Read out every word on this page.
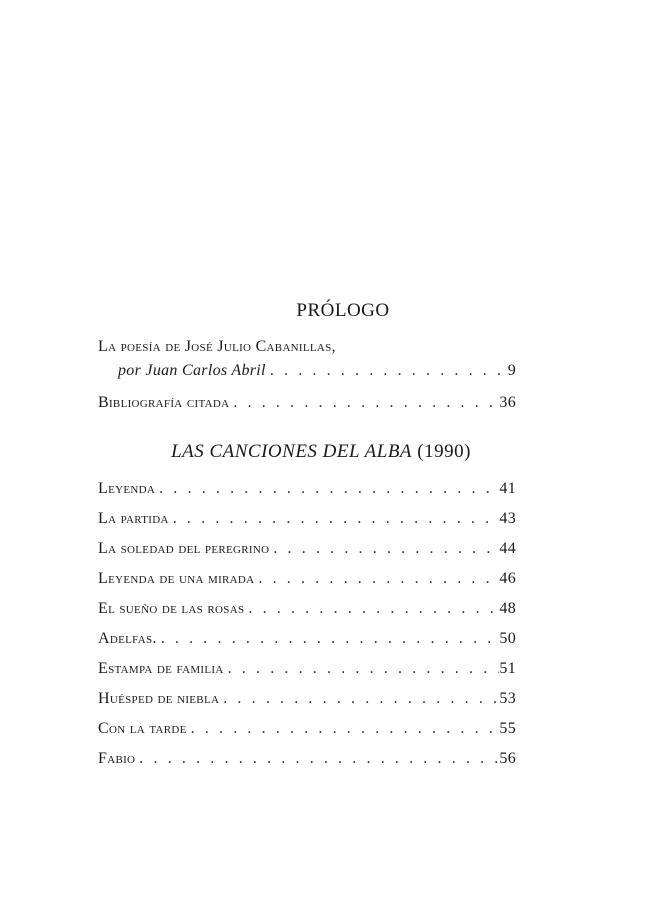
PRÓLOGO
La poesía de José Julio Cabanillas,
por Juan Carlos Abril . . .	9
Bibliografía citada . . .	36
LAS CANCIONES DEL ALBA (1990)
Leyenda . . .	41
La partida . . .	43
La soledad del peregrino . . .	44
Leyenda de una mirada . . .	46
El sueño de las rosas . . .	48
Adelfas. . . .	50
Estampa de familia . . .	51
Huésped de niebla . . .	53
Con la tarde . . .	55
Fabio . . .	56
